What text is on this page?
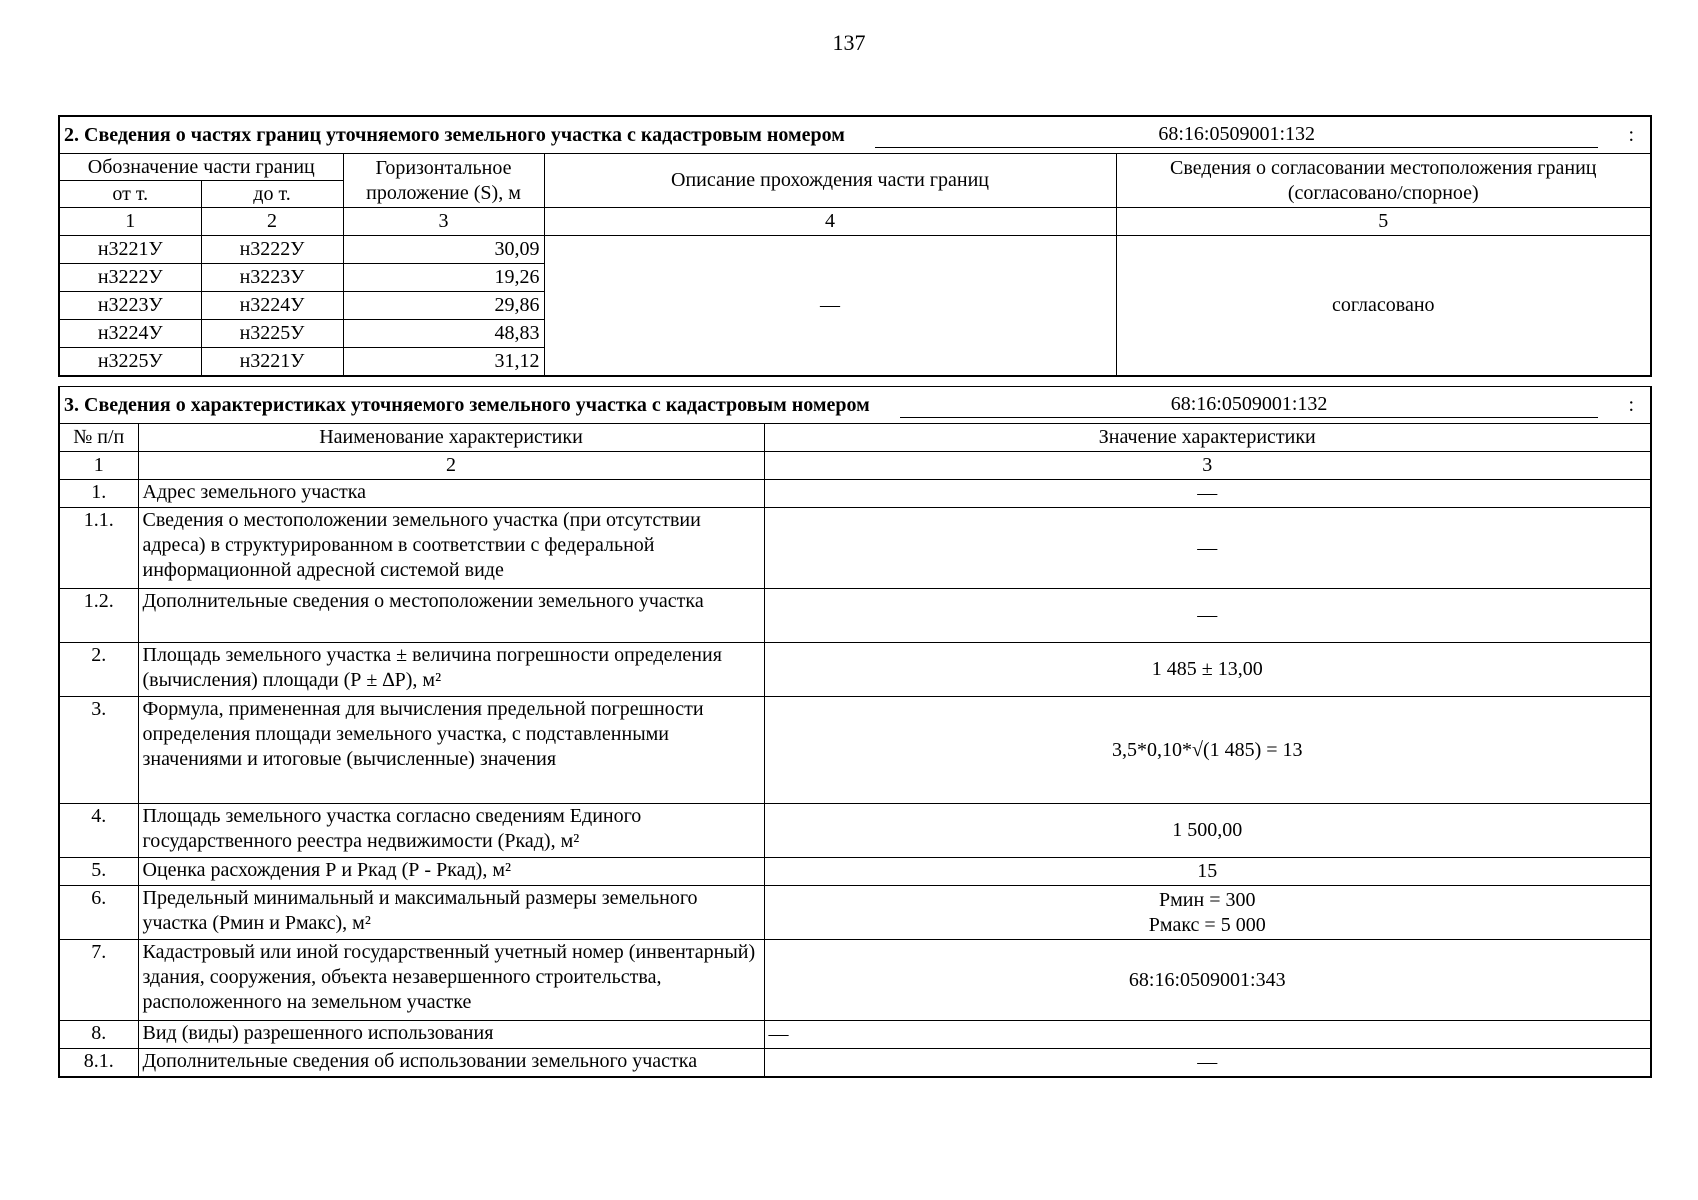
137
2. Сведения о частях границ уточняемого земельного участка с кадастровым номером 68:16:0509001:132 :				

Обозначение части границ		Горизонтальное проложение (S), м	Описание прохождения части границ	Сведения о согласовании местоположения границ (согласовано/спорное)
от т.	до т.			
1	2	3	4	5
н3221У	н3222У	30,09	—	согласовано
н3222У	н3223У	19,26		
н3223У	н3224У	29,86		
н3224У	н3225У	48,83		
н3225У	н3221У	31,12		
3. Сведения о характеристиках уточняемого земельного участка с кадастровым номером 68:16:0509001:132 :		

№ п/п	Наименование характеристики	Значение характеристики
1	2	3
1.	Адрес земельного участка	—
1.1.	Сведения о местоположении земельного участка (при отсутствии адреса) в структурированном в соответствии с федеральной информационной адресной системой виде	—
1.2.	Дополнительные сведения о местоположении земельного участка	—
2.	Площадь земельного участка ± величина погрешности определения (вычисления) площади (Р ± ∆Р), м²	1 485 ± 13,00
3.	Формула, примененная для вычисления предельной погрешности определения площади земельного участка, с подставленными значениями и итоговые (вычисленные) значения	3,5*0,10*√(1 485) = 13
4.	Площадь земельного участка согласно сведениям Единого государственного реестра недвижимости (Ркад), м²	1 500,00
5.	Оценка расхождения Р и Ркад (Р - Ркад), м²	15
6.	Предельный минимальный и максимальный размеры земельного участка (Рмин и Рмакс), м²	Рмин = 300
Рмакс = 5 000

7.	Кадастровый или иной государственный учетный номер (инвентарный) здания, сооружения, объекта незавершенного строительства, расположенного на земельном участке	68:16:0509001:343
8.	Вид (виды) разрешенного использования	—
8.1.	Дополнительные сведения об использовании земельного участка	—
